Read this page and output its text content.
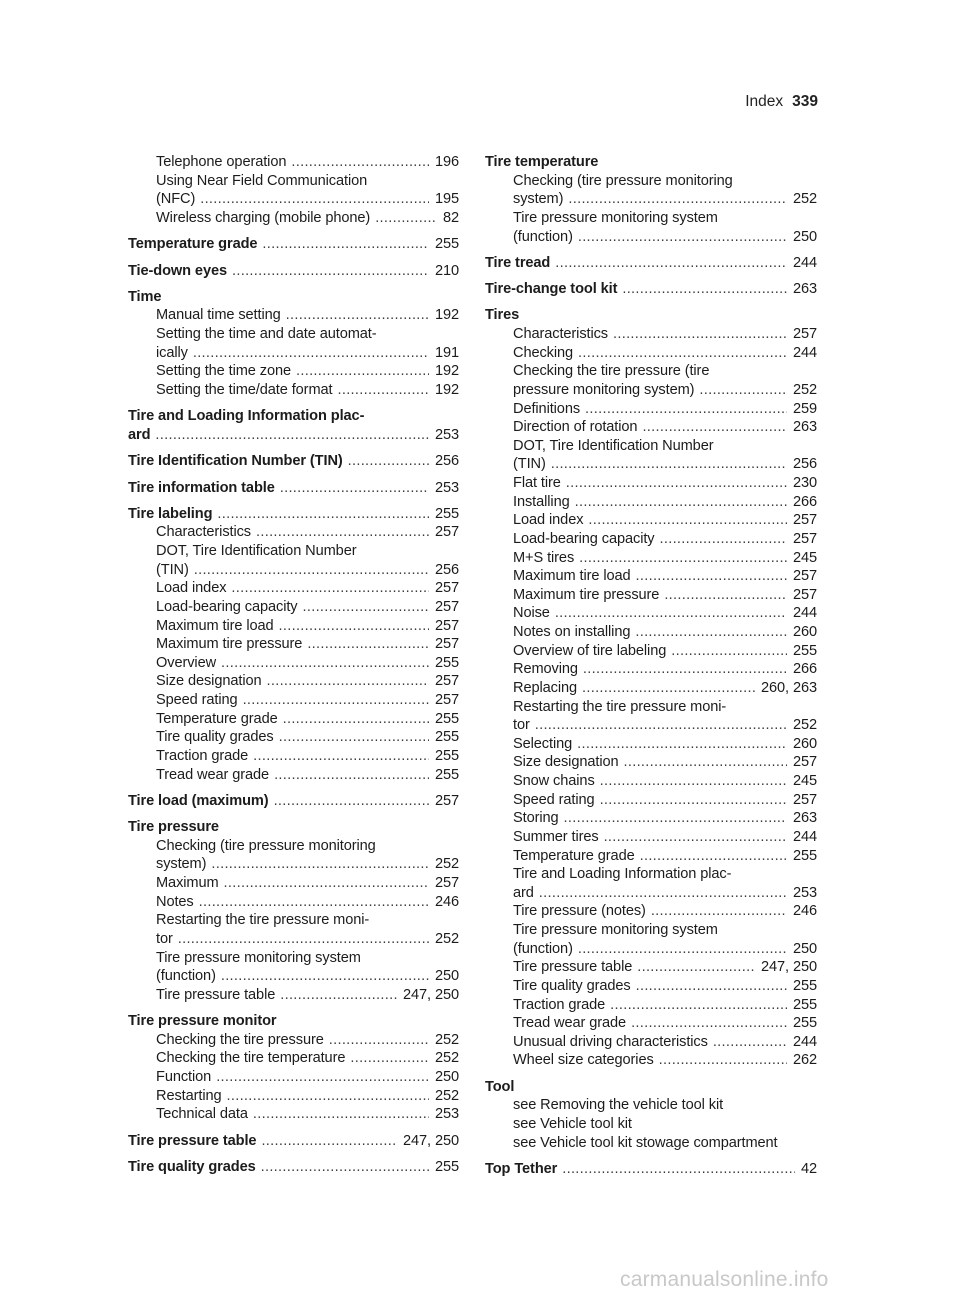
Index 339
Telephone operation .....	196
Using Near Field Communication
(NFC) .....	195
Wireless charging (mobile phone) .....	82
Temperature grade .....	255
Tie-down eyes .....	210
Time
Manual time setting .....	192
Setting the time and date automat-
ically .....	191
Setting the time zone .....	192
Setting the time/date format .....	192
Tire and Loading Information plac-
ard .....	253
Tire Identification Number (TIN) .....	256
Tire information table .....	253
Tire labeling .....	255
Characteristics .....	257
DOT, Tire Identification Number
(TIN) .....	256
Load index .....	257
Load-bearing capacity .....	257
Maximum tire load .....	257
Maximum tire pressure .....	257
Overview .....	255
Size designation .....	257
Speed rating .....	257
Temperature grade .....	255
Tire quality grades .....	255
Traction grade .....	255
Tread wear grade .....	255
Tire load (maximum) .....	257
Tire pressure
Checking (tire pressure monitoring
system) .....	252
Maximum .....	257
Notes .....	246
Restarting the tire pressure moni-
tor .....	252
Tire pressure monitoring system
(function) .....	250
Tire pressure table .....	247, 250
Tire pressure monitor
Checking the tire pressure .....	252
Checking the tire temperature .....	252
Function .....	250
Restarting .....	252
Technical data .....	253
Tire pressure table .....	247, 250
Tire quality grades .....	255
Tire temperature
Checking (tire pressure monitoring
system) .....	252
Tire pressure monitoring system
(function) .....	250
Tire tread .....	244
Tire-change tool kit .....	263
Tires
Characteristics .....	257
Checking .....	244
Checking the tire pressure (tire
pressure monitoring system) .....	252
Definitions .....	259
Direction of rotation .....	263
DOT, Tire Identification Number
(TIN) .....	256
Flat tire .....	230
Installing .....	266
Load index .....	257
Load-bearing capacity .....	257
M+S tires .....	245
Maximum tire load .....	257
Maximum tire pressure .....	257
Noise .....	244
Notes on installing .....	260
Overview of tire labeling .....	255
Removing .....	266
Replacing .....	260, 263
Restarting the tire pressure moni-
tor .....	252
Selecting .....	260
Size designation .....	257
Snow chains .....	245
Speed rating .....	257
Storing .....	263
Summer tires .....	244
Temperature grade .....	255
Tire and Loading Information plac-
ard .....	253
Tire pressure (notes) .....	246
Tire pressure monitoring system
(function) .....	250
Tire pressure table .....	247, 250
Tire quality grades .....	255
Traction grade .....	255
Tread wear grade .....	255
Unusual driving characteristics .....	244
Wheel size categories .....	262
Tool
see Removing the vehicle tool kit
see Vehicle tool kit
see Vehicle tool kit stowage compartment
Top Tether .....	42
carmanualsonline.info
